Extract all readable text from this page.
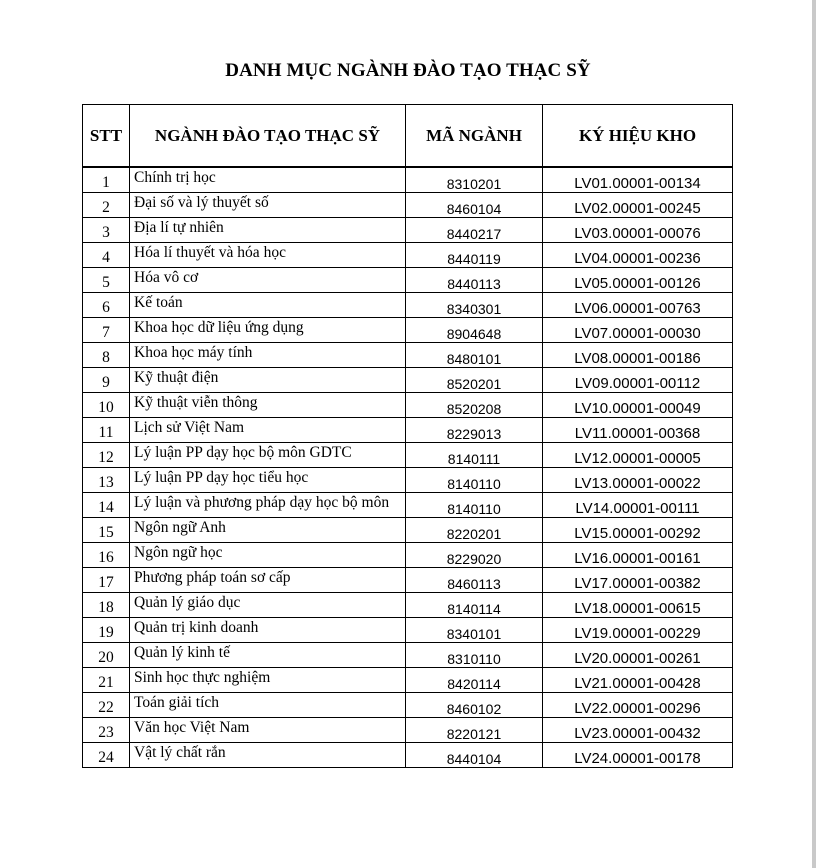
DANH MỤC NGÀNH ĐÀO TẠO THẠC SỸ
STT	NGÀNH ĐÀO TẠO THẠC SỸ	MÃ NGÀNH	KÝ HIỆU KHO
1	Chính trị học	8310201	LV01.00001-00134
2	Đại số và lý thuyết số	8460104	LV02.00001-00245
3	Địa lí tự nhiên	8440217	LV03.00001-00076
4	Hóa lí thuyết và hóa học	8440119	LV04.00001-00236
5	Hóa vô cơ	8440113	LV05.00001-00126
6	Kế toán	8340301	LV06.00001-00763
7	Khoa học dữ liệu ứng dụng	8904648	LV07.00001-00030
8	Khoa học máy tính	8480101	LV08.00001-00186
9	Kỹ thuật điện	8520201	LV09.00001-00112
10	Kỹ thuật viễn thông	8520208	LV10.00001-00049
11	Lịch sử Việt Nam	8229013	LV11.00001-00368
12	Lý luận PP dạy học bộ môn GDTC	8140111	LV12.00001-00005
13	Lý luận PP dạy học tiểu học	8140110	LV13.00001-00022
14	Lý luận và phương pháp dạy học bộ môn	8140110	LV14.00001-00111
15	Ngôn ngữ Anh	8220201	LV15.00001-00292
16	Ngôn ngữ học	8229020	LV16.00001-00161
17	Phương pháp toán sơ cấp	8460113	LV17.00001-00382
18	Quản lý giáo dục	8140114	LV18.00001-00615
19	Quản trị kinh doanh	8340101	LV19.00001-00229
20	Quản lý kinh tế	8310110	LV20.00001-00261
21	Sinh học thực nghiệm	8420114	LV21.00001-00428
22	Toán giải tích	8460102	LV22.00001-00296
23	Văn học Việt Nam	8220121	LV23.00001-00432
24	Vật lý chất rắn	8440104	LV24.00001-00178
